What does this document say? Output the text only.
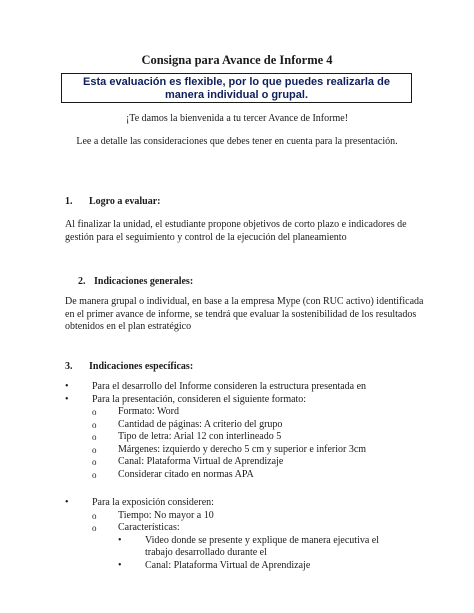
Consigna para Avance de Informe 4
Esta evaluación es flexible, por lo que puedes realizarla de manera individual o grupal.
¡Te damos la bienvenida a tu tercer Avance de Informe!
Lee a detalle las consideraciones que debes tener en cuenta para la presentación.
1. Logro a evaluar:
Al finalizar la unidad, el estudiante propone objetivos de corto plazo e indicadores de gestión para el seguimiento y control de la ejecución del planeamiento
2. Indicaciones generales:
De manera grupal o individual, en base a la empresa Mype (con RUC activo) identificada en el primer avance de informe, se tendrá que evaluar la sostenibilidad de los resultados obtenidos en el plan estratégico
3. Indicaciones específicas:
• Para el desarrollo del Informe consideren la estructura presentada en
• Para la presentación, consideren el siguiente formato:
o Formato: Word
o Cantidad de páginas: A criterio del grupo
o Tipo de letra: Arial 12 con interlineado 5
o Márgenes: izquierdo y derecho 5 cm y superior e inferior 3cm
o Canal: Plataforma Virtual de Aprendizaje
o Considerar citado en normas APA
• Para la exposición consideren:
o Tiempo: No mayor a 10
o Características:
• Video donde se presente y explique de manera ejecutiva el trabajo desarrollado durante el
• Canal: Plataforma Virtual de Aprendizaje
